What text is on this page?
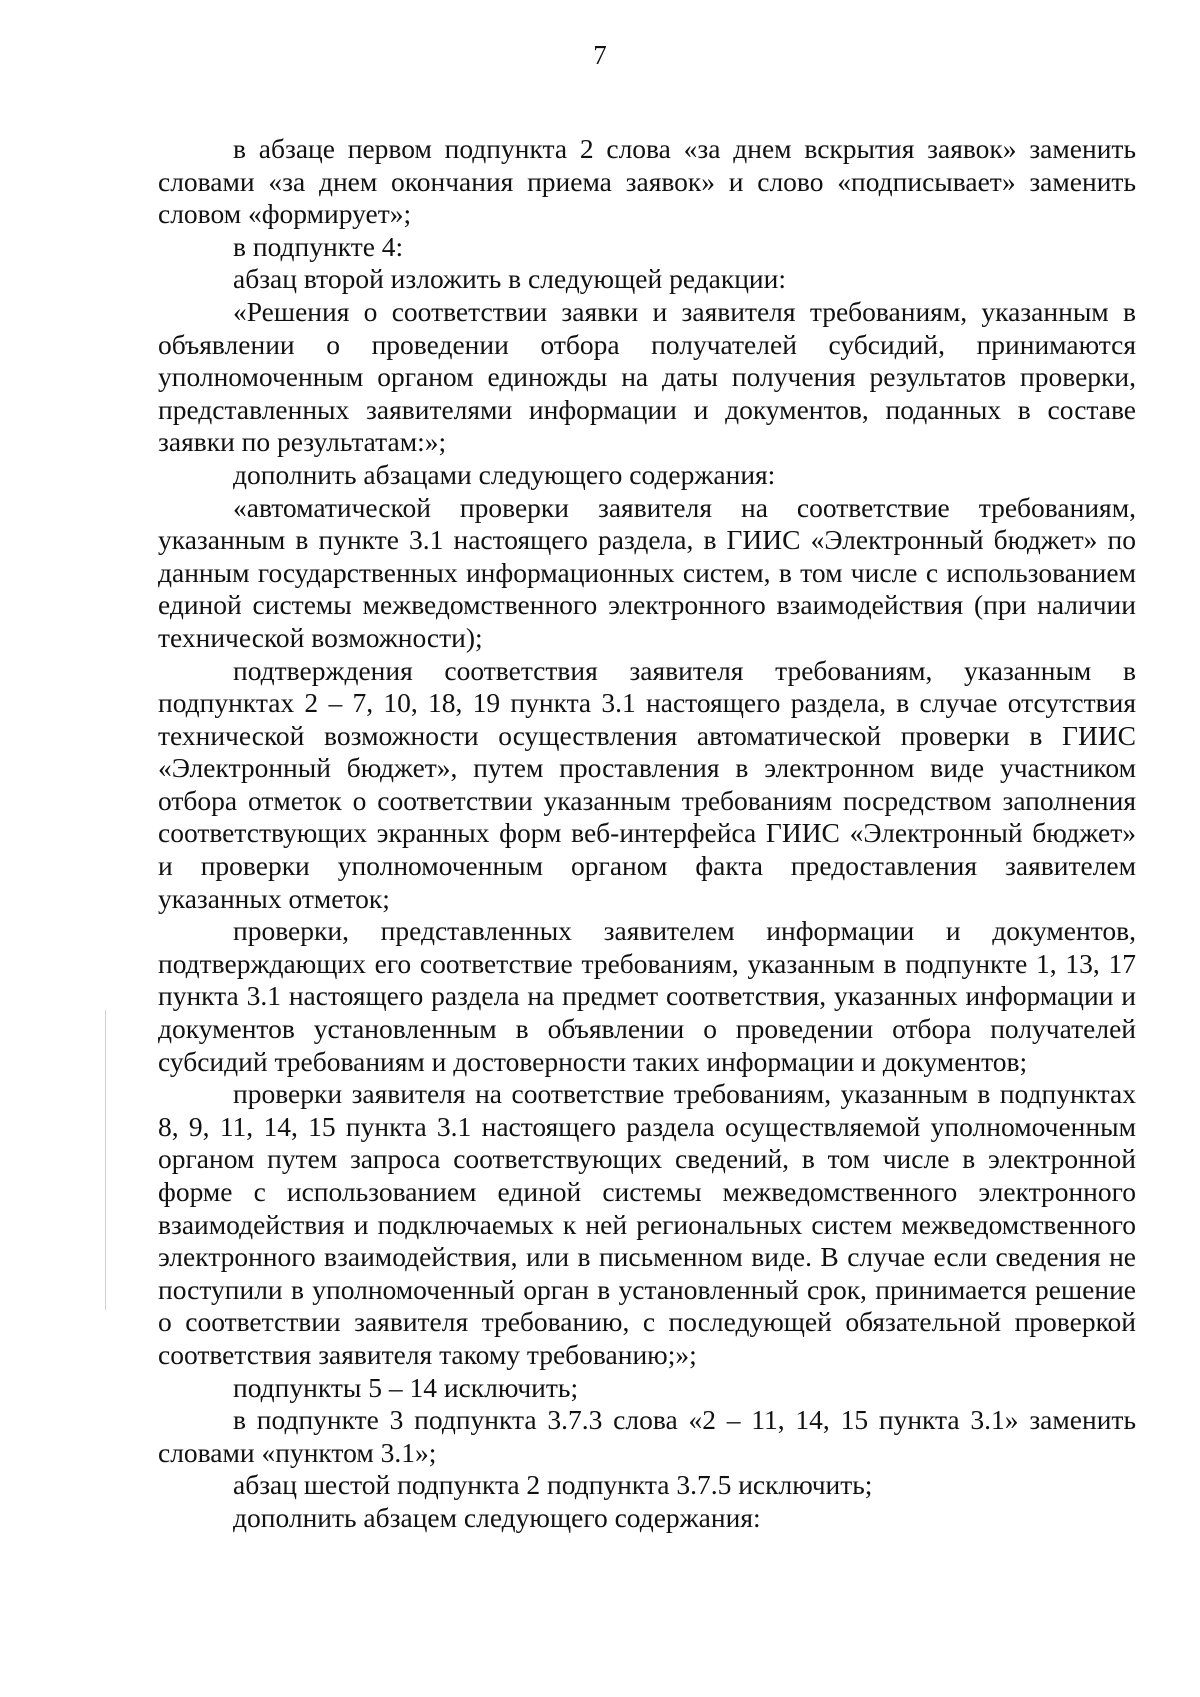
7

в абзаце первом подпункта 2 слова «за днем вскрытия заявок» заменить словами «за днем окончания приема заявок» и слово «подписывает» заменить словом «формирует»;

в подпункте 4:

абзац второй изложить в следующей редакции:

«Решения о соответствии заявки и заявителя требованиям, указанным в объявлении о проведении отбора получателей субсидий, принимаются уполномоченным органом единожды на даты получения результатов проверки, представленных заявителями информации и документов, поданных в составе заявки по результатам:»;

дополнить абзацами следующего содержания:

«автоматической проверки заявителя на соответствие требованиям, указанным в пункте 3.1 настоящего раздела, в ГИИС «Электронный бюджет» по данным государственных информационных систем, в том числе с использованием единой системы межведомственного электронного взаимодействия (при наличии технической возможности);

подтверждения соответствия заявителя требованиям, указанным в подпунктах 2 – 7, 10, 18, 19 пункта 3.1 настоящего раздела, в случае отсутствия технической возможности осуществления автоматической проверки в ГИИС «Электронный бюджет», путем проставления в электронном виде участником отбора отметок о соответствии указанным требованиям посредством заполнения соответствующих экранных форм веб-интерфейса ГИИС «Электронный бюджет» и проверки уполномоченным органом факта предоставления заявителем указанных отметок;

проверки, представленных заявителем информации и документов, подтверждающих его соответствие требованиям, указанным в подпункте 1, 13, 17 пункта 3.1 настоящего раздела на предмет соответствия, указанных информации и документов установленным в объявлении о проведении отбора получателей субсидий требованиям и достоверности таких информации и документов;

проверки заявителя на соответствие требованиям, указанным в подпунктах 8, 9, 11, 14, 15 пункта 3.1 настоящего раздела осуществляемой уполномоченным органом путем запроса соответствующих сведений, в том числе в электронной форме с использованием единой системы межведомственного электронного взаимодействия и подключаемых к ней региональных систем межведомственного электронного взаимодействия, или в письменном виде. В случае если сведения не поступили в уполномоченный орган в установленный срок, принимается решение о соответствии заявителя требованию, с последующей обязательной проверкой соответствия заявителя такому требованию;»;

подпункты 5 – 14 исключить;

в подпункте 3 подпункта 3.7.3 слова «2 – 11, 14, 15 пункта 3.1» заменить словами «пунктом 3.1»;

абзац шестой подпункта 2 подпункта 3.7.5 исключить;

дополнить абзацем следующего содержания:
